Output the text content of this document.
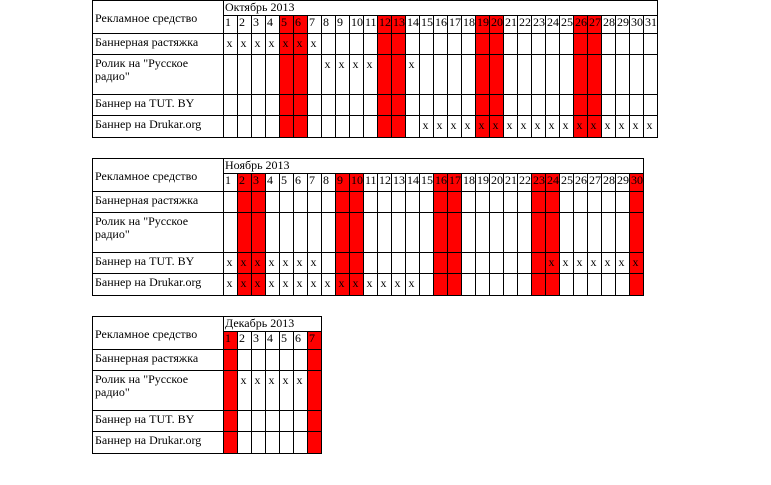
Рекламное средство	Октябрь 2013																														
	1	2	3	4	5	6	7	8	9	10	11	12	13	14	15	16	17	18	19	20	21	22	23	24	25	26	27	28	29	30	31
Баннерная растяжка	x	x	x	x	x	x	x																								
Ролик на "Русское радио"								x	x	x	x			x																	
Баннер на TUT. BY																															
Баннер на Drukar.org															x	x	x	x	x	x	x	x	x	x	x	x	x	x	x	x	x
Рекламное средство	Ноябрь 2013																													
	1	2	3	4	5	6	7	8	9	10	11	12	13	14	15	16	17	18	19	20	21	22	23	24	25	26	27	28	29	30
Баннерная растяжка																														
Ролик на "Русское радио"																														
Баннер на TUT. BY	x	x	x	x	x	x	x																	x	x	x	x	x	x	x
Баннер на Drukar.org	x	x	x	x	x	x	x	x	x	x	x	x	x	x																
Рекламное средство	Декабрь 2013						
	1	2	3	4	5	6	7
Баннерная растяжка							
Ролик на "Русское радио"		x	x	x	x	x	
Баннер на TUT. BY							
Баннер на Drukar.org							
